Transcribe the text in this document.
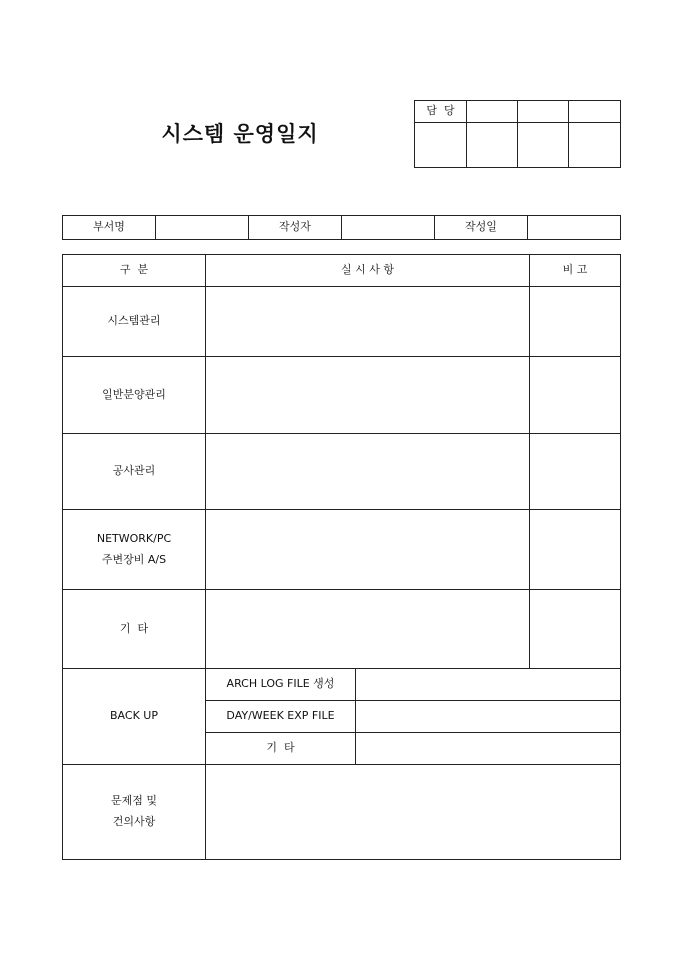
시스템 운영일지
담  당			

부서명		작성자		작성일	
구  분	실 시 사 항		비 고
시스템관리			
일반분양관리			
공사관리			

NETWORK/PC
주변장비 A/S			

기  타			
BACK UP	ARCH LOG FILE 생성		
	DAY/WEEK EXP FILE		
	기  타		

문제점 및
건의사항			
